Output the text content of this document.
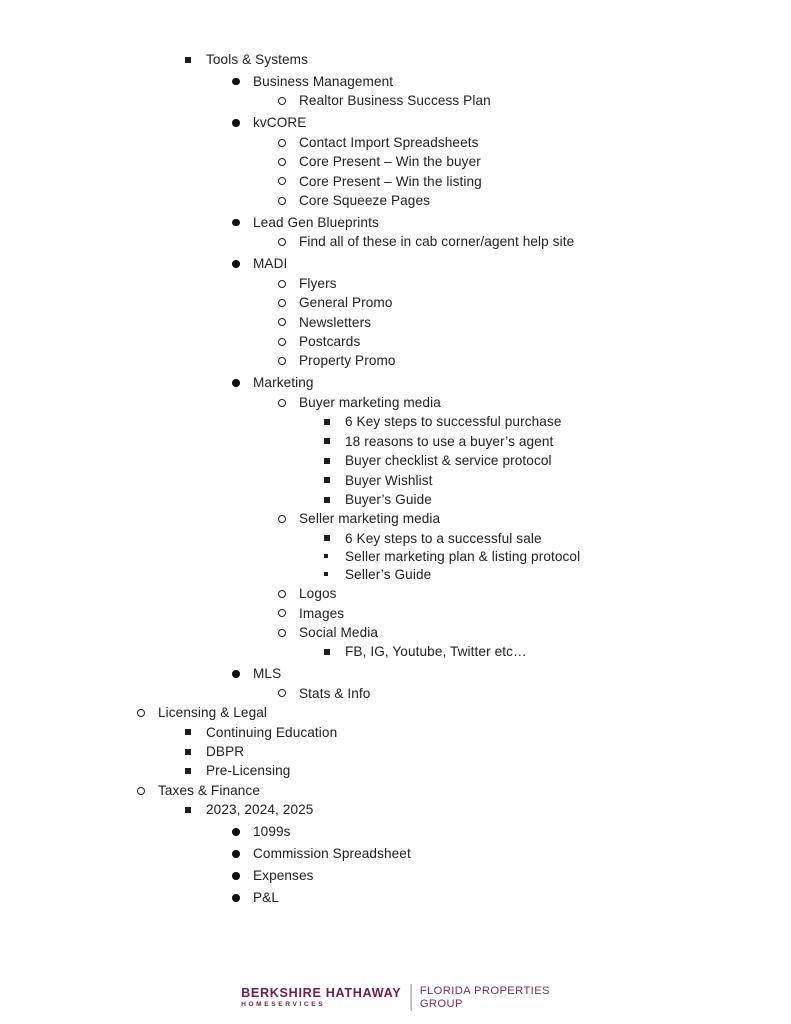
Tools & Systems
Business Management
Realtor Business Success Plan
kvCORE
Contact Import Spreadsheets
Core Present – Win the buyer
Core Present – Win the listing
Core Squeeze Pages
Lead Gen Blueprints
Find all of these in cab corner/agent help site
MADI
Flyers
General Promo
Newsletters
Postcards
Property Promo
Marketing
Buyer marketing media
6 Key steps to successful purchase
18 reasons to use a buyer’s agent
Buyer checklist & service protocol
Buyer Wishlist
Buyer’s Guide
Seller marketing media
6 Key steps to a successful sale
Seller marketing plan & listing protocol
Seller’s Guide
Logos
Images
Social Media
FB, IG, Youtube, Twitter etc…
MLS
Stats & Info
Licensing & Legal
Continuing Education
DBPR
Pre-Licensing
Taxes & Finance
2023, 2024, 2025
1099s
Commission Spreadsheet
Expenses
P&L
BERKSHIRE HATHAWAY
HOMESERVICES
FLORIDA PROPERTIES
GROUP
